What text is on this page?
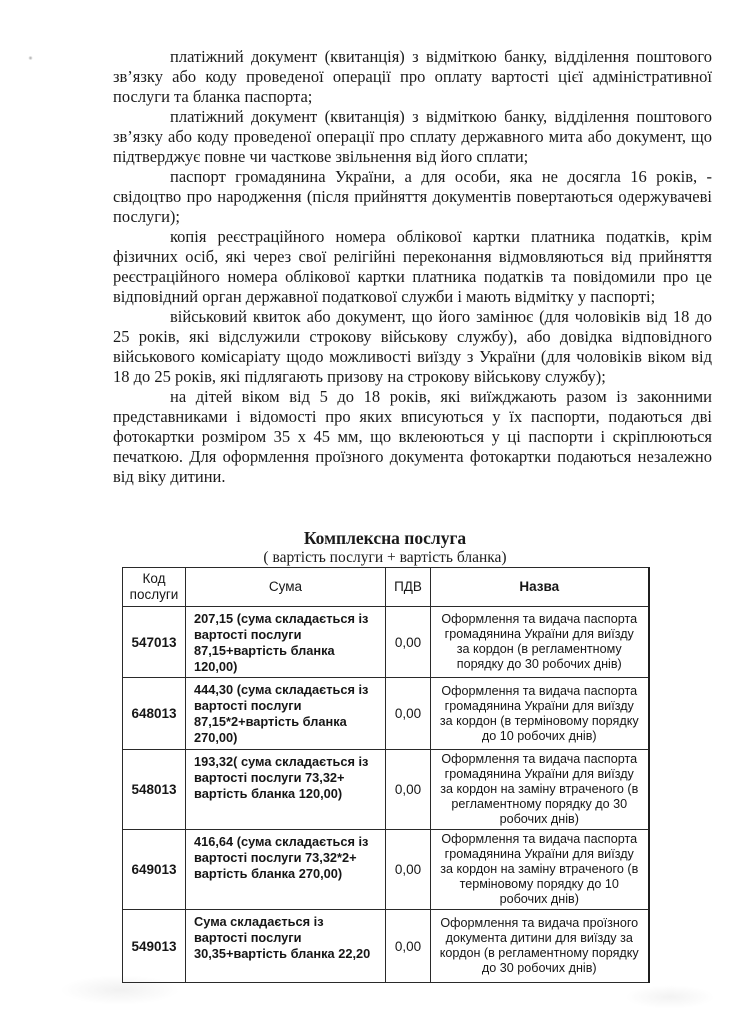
платіжний документ (квитанція) з відміткою банку, відділення поштового зв’язку або коду проведеної операції про оплату вартості цієї адміністративної послуги та бланка паспорта;

платіжний документ (квитанція) з відміткою банку, відділення поштового зв’язку або коду проведеної операції про сплату державного мита або документ, що підтверджує повне чи часткове звільнення від його сплати;

паспорт громадянина України, а для особи, яка не досягла 16 років, - свідоцтво про народження (після прийняття документів повертаються одержувачеві послуги);

копія реєстраційного номера облікової картки платника податків, крім фізичних осіб, які через свої релігійні переконання відмовляються від прийняття реєстраційного номера облікової картки платника податків та повідомили про це відповідний орган державної податкової служби і мають відмітку у паспорті;

військовий квиток або документ, що його замінює (для чоловіків від 18 до 25 років, які відслужили строкову військову службу), або довідка відповідного військового комісаріату щодо можливості виїзду з України (для чоловіків віком від 18 до 25 років, які підлягають призову на строкову військову службу);

на дітей віком від 5 до 18 років, які виїжджають разом із законними представниками і відомості про яких вписуються у їх паспорти, подаються дві фотокартки розміром 35 х 45 мм, що вклеюються у ці паспорти і скріплюються печаткою. Для оформлення проїзного документа фотокартки подаються незалежно від віку дитини.

Комплексна послуга
( вартість послуги + вартість бланка)
Код послуги	Сума	ПДВ	Назва
547013	207,15 (сума складається із вартості послуги 87,15+вартість бланка 120,00)	0,00	Оформлення та видача паспорта громадянина України для виїзду за кордон (в регламентному порядку до 30 робочих днів)
648013	444,30 (сума складається із вартості послуги 87,15*2+вартість бланка 270,00)	0,00	Оформлення та видача паспорта громадянина України для виїзду за кордон (в терміновому порядку до 10 робочих днів)
548013	193,32( сума складається із вартості послуги 73,32+ вартість бланка 120,00)	0,00	Оформлення та видача паспорта громадянина України для виїзду за кордон на заміну втраченого (в регламентному порядку до 30 робочих днів)
649013	416,64 (сума складається із вартості послуги 73,32*2+ вартість бланка 270,00)	0,00	Оформлення та видача паспорта громадянина України для виїзду за кордон на заміну втраченого (в терміновому порядку до 10 робочих днів)
549013	Сума складається із вартості послуги 30,35+вартість бланка 22,20	0,00	Оформлення та видача проїзного документа дитини для виїзду за кордон (в регламентному порядку до 30 робочих днів)
